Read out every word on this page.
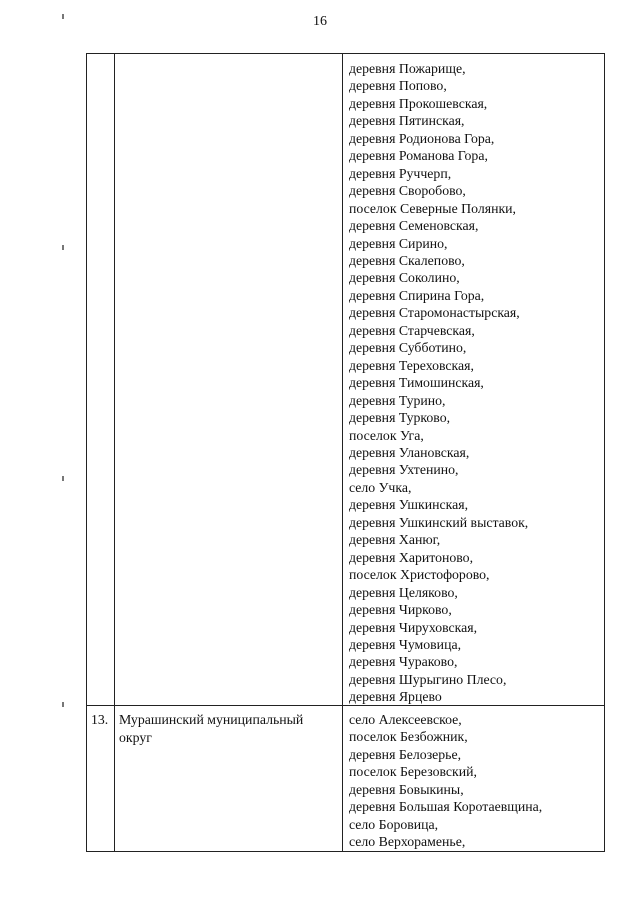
16
деревня Пожарище,
деревня Попово,
деревня Прокошевская,
деревня Пятинская,
деревня Родионова Гора,
деревня Романова Гора,
деревня Руччерп,
деревня Своробово,
поселок Северные Полянки,
деревня Семеновская,
деревня Сирино,
деревня Скалепово,
деревня Соколино,
деревня Спирина Гора,
деревня Старомонастырская,
деревня Старчевская,
деревня Субботино,
деревня Тереховская,
деревня Тимошинская,
деревня Турино,
деревня Турково,
поселок Уга,
деревня Улановская,
деревня Ухтенино,
село Учка,
деревня Ушкинская,
деревня Ушкинский выставок,
деревня Ханюг,
деревня Харитоново,
поселок Христофорово,
деревня Целяково,
деревня Чирково,
деревня Чируховская,
деревня Чумовица,
деревня Чураково,
деревня Шурыгино Плесо,
деревня Ярцево
13. Мурашинский муниципальный округ
село Алексеевское,
поселок Безбожник,
деревня Белозерье,
поселок Березовский,
деревня Бовыкины,
деревня Большая Коротаевщина,
село Боровица,
село Верхораменье,
